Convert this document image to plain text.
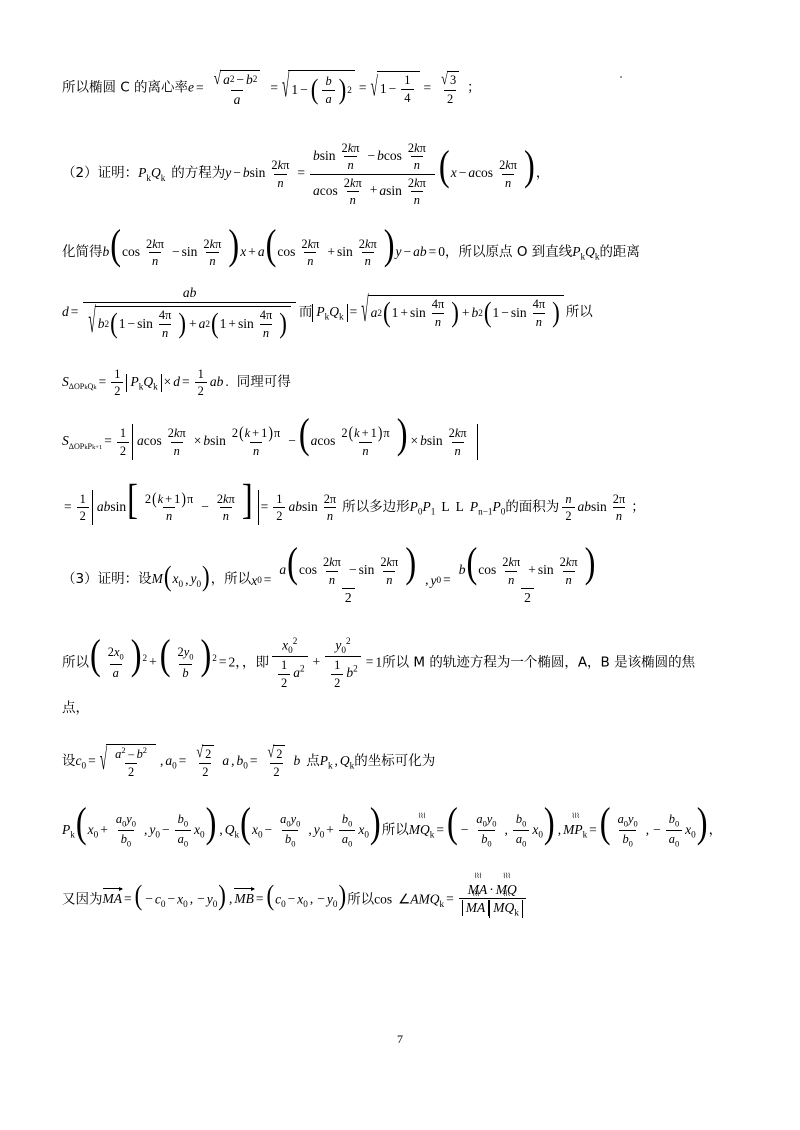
所以椭圆 C 的离心率$e = \frac{√ a 2 - b 2}{a}$ = √ 1 − ( $\frac{b}{a}$ ) 2 = √ $1 - \frac{1}{4} = \frac{√ 3}{2}$ ；
（2）证明：$P_kQ_k$ 的方程为y − bsin $\frac{2k\pi}{n} = \frac{bsin \frac{2k\pi}{n} - bcos \frac{2k\pi}{n}}{acos \frac{2k\pi}{n} + asin \frac{2k\pi}{n}} (x - acos \frac{2k\pi}{n}$ )，
化简得$b(\cos \frac{2k\pi}{n} - \sin \frac{2k\pi}{n} )x + a(\cos \frac{2k\pi}{n} + \sin \frac{2k\pi}{n} )y$ − ab = 0，所以原点 O 到直线$P_kQ_k$的距离
$d = \frac{ab}{√ b 2 ( 1 - \sin \frac{4\pi}{n} ) + a 2 ( 1 + \sin \frac{4\pi}{n} )}$ 而 $P_kQ_k$ = √ a 2 ( $1 + \sin \frac{4\pi}{n}$ ) + b 2 ( $1 - \sin \frac{4\pi}{n}$ ) 所以
$S_{\Delta OPkQk} = \frac{1}{2} P_kQ_k \times d = \frac{1}{2}$ ab . 同理可得
$S_{\Delta OPkPk+1} = \frac{1}{2}$ acos $\frac{2k\pi}{n} \times bsin \frac{2(k + 1)\pi}{n} -(acos \frac{2(k + 1)\pi}{n}$ ) × bsin $\frac{2k\pi}{n}$
= $\frac{1}{2} absin[ \frac{2(k + 1)\pi}{n} - \frac{2k\pi}{n}$ ] = $\frac{1}{2}$ absin $\frac{2\pi}{n}$ 所以多边形$P_0P_1$ L L $P_{n-1}P_0$的面积为 $\frac{n}{2}$ absin $\frac{2\pi}{n}$ ；
（3）证明：设$M(x_0$ , $y_0$)，所以 x $0 = \frac{a(\cos \frac{2k\pi}{n} - \sin \frac{2k\pi}{n} )}{2}$ , y $0 = \frac{b(\cos \frac{2k\pi}{n} + \sin \frac{2k\pi}{n} )}{2}$
所以( $\frac{2x_0}{a} )^2$ +( $\frac{2y_0}{b} )^2 = 2$，，即 $\frac{x_0^2}{\frac{1}{2} a^2} + \frac{y_0^2}{\frac{1}{2} b^2} = 1$所以 M 的轨迹方程为一个椭圆，A，B 是该椭圆的焦
点，
设$c_0$ = √ $\frac{a^2 - b^2}{2}$ , $a_0 = \frac{√ 2}{2}$ a , $b_0 = \frac{√ 2}{2}$ b 点$P_k$ , $Q_k$的坐标可化为
$P_k(x_0 + \frac{a_0y_0}{b_0}$ , $y_0 - \frac{b_0}{a_0} x_0$) , $Q_k(x_0 - \frac{a_0y_0}{b_0}$ , $y_0 + \frac{b_0}{a_0} x_0$)所以$MQ_k$ ⌇⌇⌇ =( − $\frac{a_0y_0}{b_0}$ , $\frac{b_0}{a_0} x_0$) , $MP_k$ ⌇⌇⌇ =( $\frac{a_0y_0}{b_0}$ , − $\frac{b_0}{a_0} x_0$)，
又因为MA = ( − $c_0 - x_0$ , − $y_0$) , MB = ($c_0 - x_0$ , − $y_0$)所以$\cos \angle AMQ_k = \frac{MA ⌇⌇⌇ \cdot MQ ⌇⌇⌇}{MA ⌇⌇⌇ MQ_k}$ ⌇⌇⌇
7
